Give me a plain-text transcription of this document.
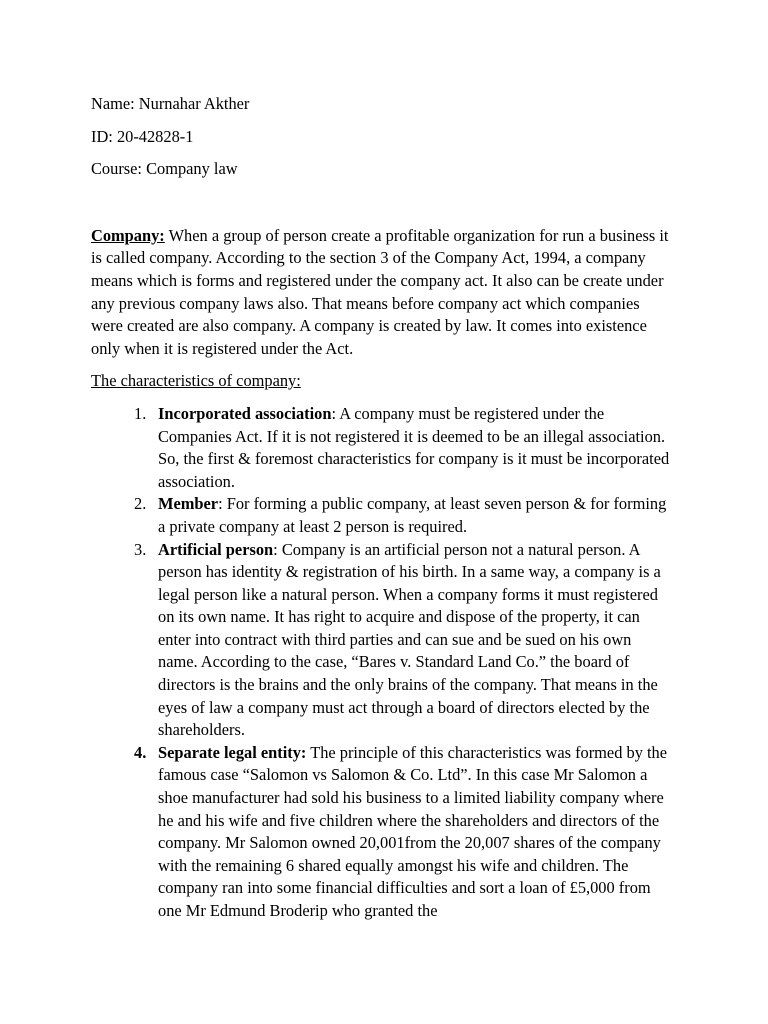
Name: Nurnahar Akther

ID: 20-42828-1

Course: Company law

Company: When a group of person create a profitable organization for run a business it is called company. According to the section 3 of the Company Act, 1994, a company means which is forms and registered under the company act. It also can be create under any previous company laws also. That means before company act which companies were created are also company. A company is created by law. It comes into existence only when it is registered under the Act.
The characteristics of company:
1. Incorporated association: A company must be registered under the Companies Act. If it is not registered it is deemed to be an illegal association. So, the first & foremost characteristics for company is it must be incorporated association.
2. Member: For forming a public company, at least seven person & for forming a private company at least 2 person is required.
3. Artificial person: Company is an artificial person not a natural person. A person has identity & registration of his birth. In a same way, a company is a legal person like a natural person. When a company forms it must registered on its own name. It has right to acquire and dispose of the property, it can enter into contract with third parties and can sue and be sued on his own name. According to the case, “Bares v. Standard Land Co.” the board of directors is the brains and the only brains of the company. That means in the eyes of law a company must act through a board of directors elected by the shareholders.
4. Separate legal entity: The principle of this characteristics was formed by the famous case “Salomon vs Salomon & Co. Ltd”. In this case Mr Salomon a shoe manufacturer had sold his business to a limited liability company where he and his wife and five children where the shareholders and directors of the company. Mr Salomon owned 20,001from the 20,007 shares of the company with the remaining 6 shared equally amongst his wife and children. The company ran into some financial difficulties and sort a loan of £5,000 from one Mr Edmund Broderip who granted the
